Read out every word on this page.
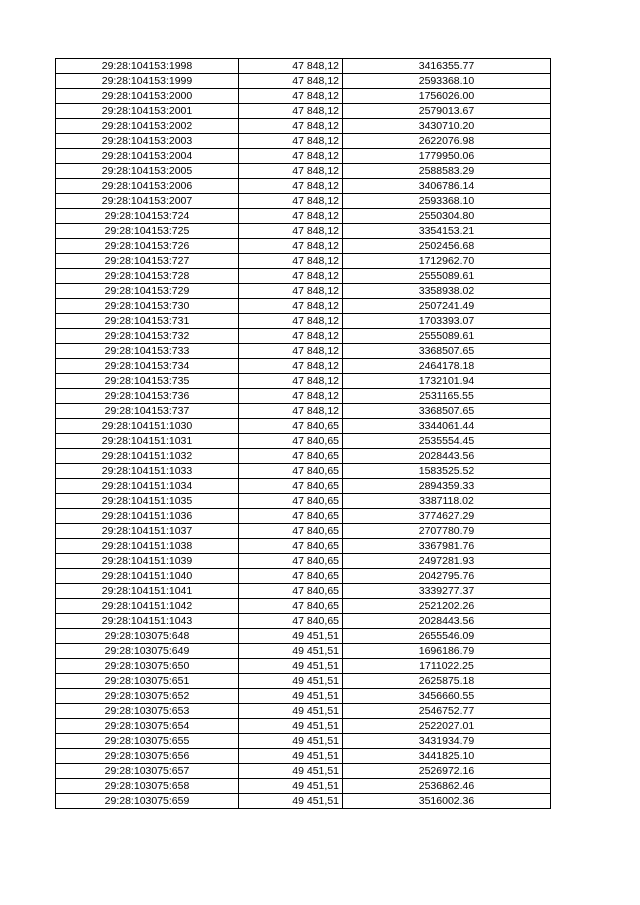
29:28:104153:1998	47 848,12	3416355.77
29:28:104153:1999	47 848,12	2593368.10
29:28:104153:2000	47 848,12	1756026.00
29:28:104153:2001	47 848,12	2579013.67
29:28:104153:2002	47 848,12	3430710.20
29:28:104153:2003	47 848,12	2622076.98
29:28:104153:2004	47 848,12	1779950.06
29:28:104153:2005	47 848,12	2588583.29
29:28:104153:2006	47 848,12	3406786.14
29:28:104153:2007	47 848,12	2593368.10
29:28:104153:724	47 848,12	2550304.80
29:28:104153:725	47 848,12	3354153.21
29:28:104153:726	47 848,12	2502456.68
29:28:104153:727	47 848,12	1712962.70
29:28:104153:728	47 848,12	2555089.61
29:28:104153:729	47 848,12	3358938.02
29:28:104153:730	47 848,12	2507241.49
29:28:104153:731	47 848,12	1703393.07
29:28:104153:732	47 848,12	2555089.61
29:28:104153:733	47 848,12	3368507.65
29:28:104153:734	47 848,12	2464178.18
29:28:104153:735	47 848,12	1732101.94
29:28:104153:736	47 848,12	2531165.55
29:28:104153:737	47 848,12	3368507.65
29:28:104151:1030	47 840,65	3344061.44
29:28:104151:1031	47 840,65	2535554.45
29:28:104151:1032	47 840,65	2028443.56
29:28:104151:1033	47 840,65	1583525.52
29:28:104151:1034	47 840,65	2894359.33
29:28:104151:1035	47 840,65	3387118.02
29:28:104151:1036	47 840,65	3774627.29
29:28:104151:1037	47 840,65	2707780.79
29:28:104151:1038	47 840,65	3367981.76
29:28:104151:1039	47 840,65	2497281.93
29:28:104151:1040	47 840,65	2042795.76
29:28:104151:1041	47 840,65	3339277.37
29:28:104151:1042	47 840,65	2521202.26
29:28:104151:1043	47 840,65	2028443.56
29:28:103075:648	49 451,51	2655546.09
29:28:103075:649	49 451,51	1696186.79
29:28:103075:650	49 451,51	1711022.25
29:28:103075:651	49 451,51	2625875.18
29:28:103075:652	49 451,51	3456660.55
29:28:103075:653	49 451,51	2546752.77
29:28:103075:654	49 451,51	2522027.01
29:28:103075:655	49 451,51	3431934.79
29:28:103075:656	49 451,51	3441825.10
29:28:103075:657	49 451,51	2526972.16
29:28:103075:658	49 451,51	2536862.46
29:28:103075:659	49 451,51	3516002.36
